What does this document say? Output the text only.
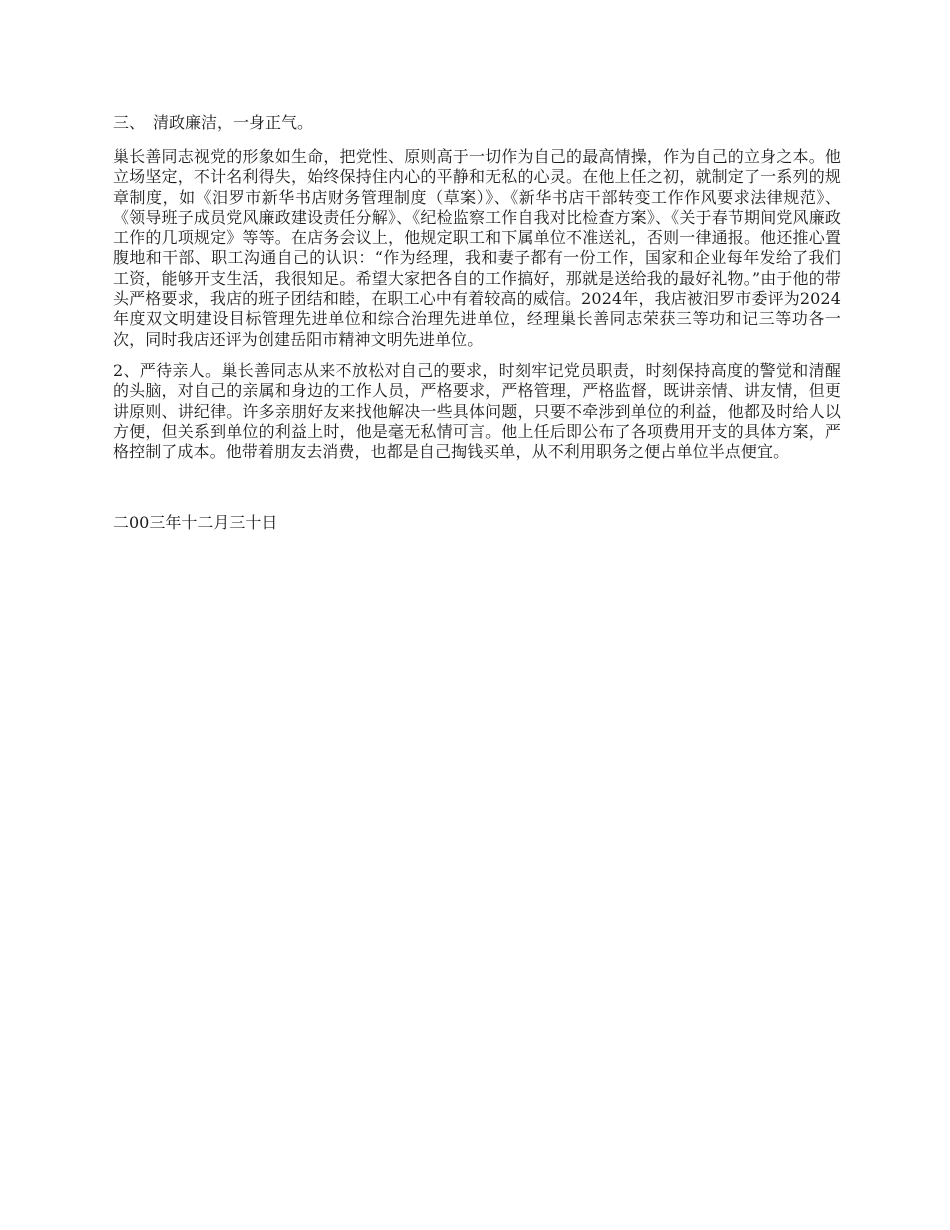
三、　清政廉洁，一身正气。

巢长善同志视党的形象如生命，把党性、原则高于一切作为自己的最高情操，作为自己的立身之本。他立场坚定，不计名利得失，始终保持住内心的平静和无私的心灵。在他上任之初，就制定了一系列的规章制度，如《汨罗市新华书店财务管理制度（草案）》、《新华书店干部转变工作作风要求法律规范》、《领导班子成员党风廉政建设责任分解》、《纪检监察工作自我对比检查方案》、《关于春节期间党风廉政工作的几项规定》等等。在店务会议上，他规定职工和下属单位不准送礼，否则一律通报。他还推心置腹地和干部、职工沟通自己的认识：“作为经理，我和妻子都有一份工作，国家和企业每年发给了我们工资，能够开支生活，我很知足。希望大家把各自的工作搞好，那就是送给我的最好礼物。”由于他的带头严格要求，我店的班子团结和睦，在职工心中有着较高的威信。2024年，我店被汨罗市委评为2024年度双文明建设目标管理先进单位和综合治理先进单位，经理巢长善同志荣获三等功和记三等功各一次，同时我店还评为创建岳阳市精神文明先进单位。

2、严待亲人。巢长善同志从来不放松对自己的要求，时刻牢记党员职责，时刻保持高度的警觉和清醒的头脑，对自己的亲属和身边的工作人员，严格要求，严格管理，严格监督，既讲亲情、讲友情，但更讲原则、讲纪律。许多亲朋好友来找他解决一些具体问题，只要不牵涉到单位的利益，他都及时给人以方便，但关系到单位的利益上时，他是毫无私情可言。他上任后即公布了各项费用开支的具体方案，严格控制了成本。他带着朋友去消费，也都是自己掏钱买单，从不利用职务之便占单位半点便宜。

二00三年十二月三十日
